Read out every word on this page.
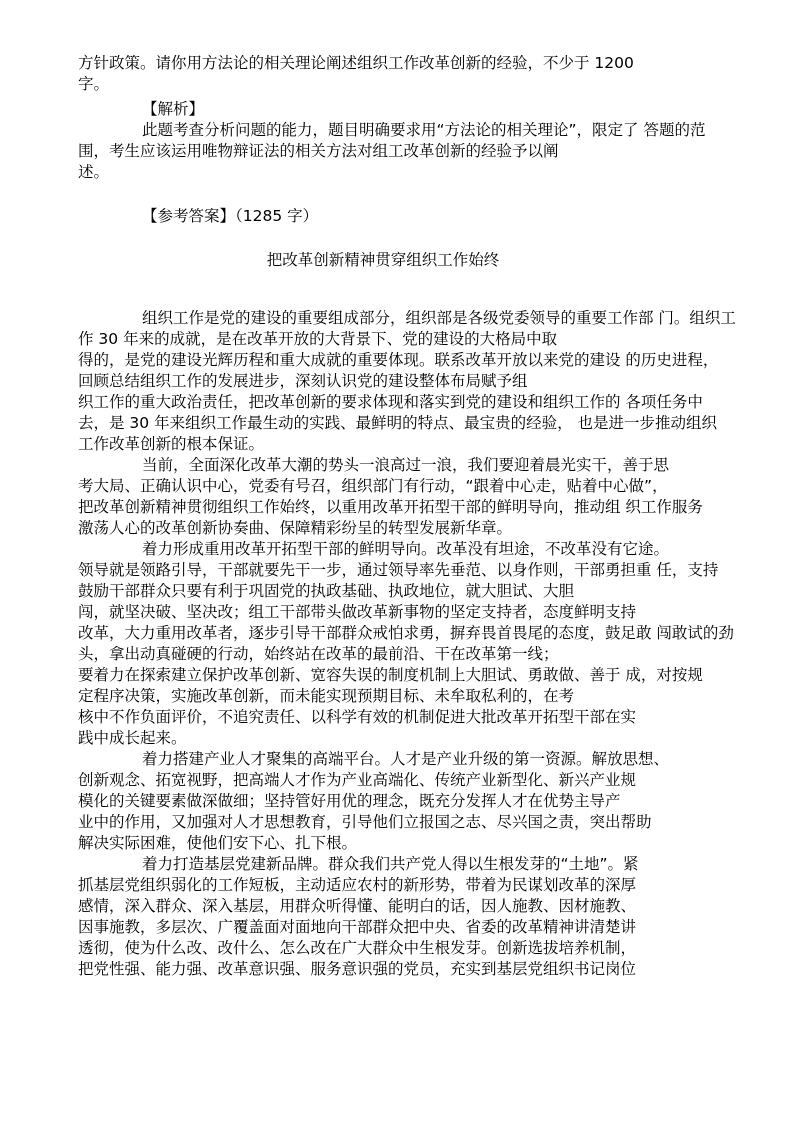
方针政策。请你用方法论的相关理论阐述组织工作改革创新的经验，不少于 1200
字。
【解析】
此题考查分析问题的能力，题目明确要求用“方法论的相关理论”，限定了 答题的范
围，考生应该运用唯物辩证法的相关方法对组工改革创新的经验予以阐
述。
【参考答案】（1285 字）
把改革创新精神贯穿组织工作始终
组织工作是党的建设的重要组成部分，组织部是各级党委领导的重要工作部 门。组织工
作 30 年来的成就，是在改革开放的大背景下、党的建设的大格局中取
得的，是党的建设光辉历程和重大成就的重要体现。联系改革开放以来党的建设 的历史进程，
回顾总结组织工作的发展进步，深刻认识党的建设整体布局赋予组
织工作的重大政治责任，把改革创新的要求体现和落实到党的建设和组织工作的 各项任务中
去，是 30 年来组织工作最生动的实践、最鲜明的特点、最宝贵的经验， 也是进一步推动组织
工作改革创新的根本保证。
当前，全面深化改革大潮的势头一浪高过一浪，我们要迎着晨光实干，善于思
考大局、正确认识中心，党委有号召，组织部门有行动，“跟着中心走，贴着中心做”，
把改革创新精神贯彻组织工作始终，以重用改革开拓型干部的鲜明导向，推动组 织工作服务
激荡人心的改革创新协奏曲、保障精彩纷呈的转型发展新华章。
着力形成重用改革开拓型干部的鲜明导向。改革没有坦途，不改革没有它途。
领导就是领路引导，干部就要先干一步，通过领导率先垂范、以身作则，干部勇担重 任，支持
鼓励干部群众只要有利于巩固党的执政基础、执政地位，就大胆试、大胆
闯，就坚决破、坚决改；组工干部带头做改革新事物的坚定支持者，态度鲜明支持
改革，大力重用改革者，逐步引导干部群众戒怕求勇，摒弃畏首畏尾的态度，鼓足敢 闯敢试的劲
头，拿出动真碰硬的行动，始终站在改革的最前沿、干在改革第一线；
要着力在探索建立保护改革创新、宽容失误的制度机制上大胆试、勇敢做、善于 成，对按规
定程序决策，实施改革创新，而未能实现预期目标、未牟取私利的，在考
核中不作负面评价，不追究责任、以科学有效的机制促进大批改革开拓型干部在实
践中成长起来。
着力搭建产业人才聚集的高端平台。人才是产业升级的第一资源。解放思想、
创新观念、拓宽视野，把高端人才作为产业高端化、传统产业新型化、新兴产业规
模化的关键要素做深做细；坚持管好用优的理念，既充分发挥人才在优势主导产
业中的作用，又加强对人才思想教育，引导他们立报国之志、尽兴国之责，突出帮助
解决实际困难，使他们安下心、扎下根。
着力打造基层党建新品牌。群众我们共产党人得以生根发芽的“土地”。紧
抓基层党组织弱化的工作短板，主动适应农村的新形势，带着为民谋划改革的深厚
感情，深入群众、深入基层，用群众听得懂、能明白的话，因人施教、因材施教、
因事施教，多层次、广覆盖面对面地向干部群众把中央、省委的改革精神讲清楚讲
透彻，使为什么改、改什么、怎么改在广大群众中生根发芽。创新选拔培养机制，
把党性强、能力强、改革意识强、服务意识强的党员，充实到基层党组织书记岗位
